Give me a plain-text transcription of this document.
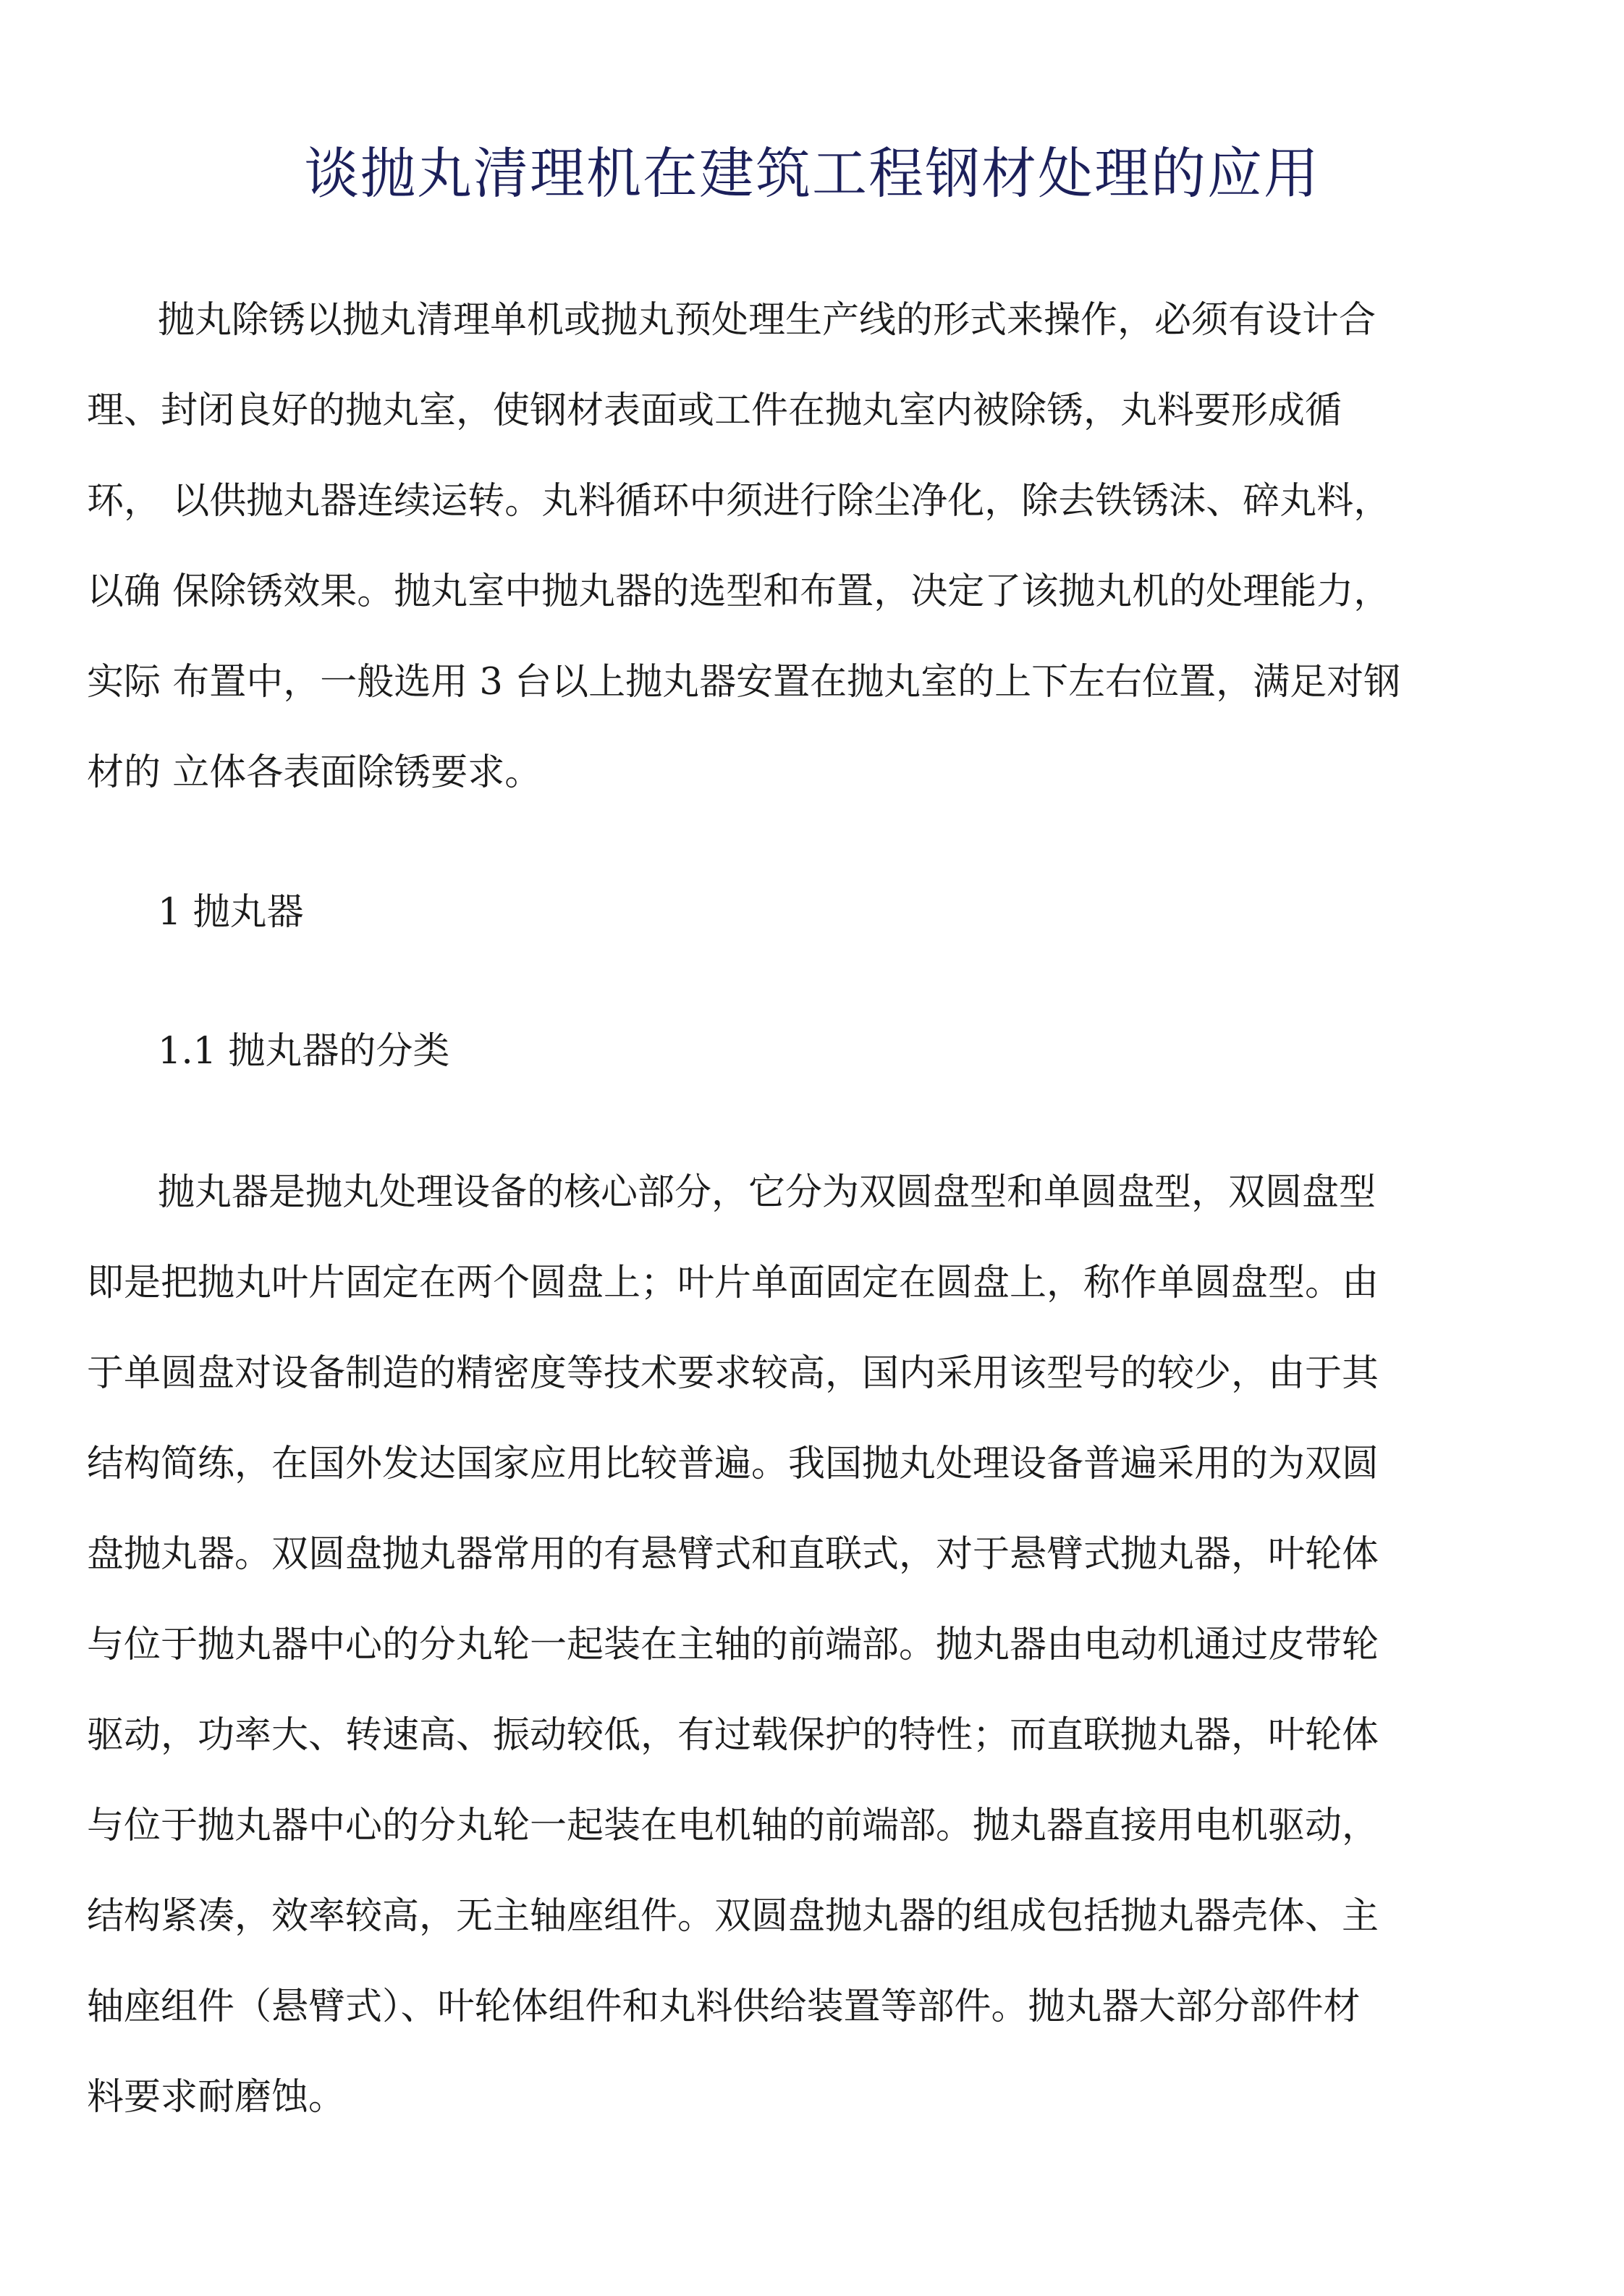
谈抛丸清理机在建筑工程钢材处理的应用

抛丸除锈以抛丸清理单机或抛丸预处理生产线的形式来操作，必须有设计合

理、封闭良好的抛丸室，使钢材表面或工件在抛丸室内被除锈，丸料要形成循

环， 以供抛丸器连续运转。丸料循环中须进行除尘净化，除去铁锈沫、碎丸料，

以确 保除锈效果。抛丸室中抛丸器的选型和布置，决定了该抛丸机的处理能力，

实际 布置中，一般选用 3 台以上抛丸器安置在抛丸室的上下左右位置，满足对钢

材的 立体各表面除锈要求。

1 抛丸器

1.1 抛丸器的分类

抛丸器是抛丸处理设备的核心部分，它分为双圆盘型和单圆盘型，双圆盘型

即是把抛丸叶片固定在两个圆盘上；叶片单面固定在圆盘上，称作单圆盘型。由

于单圆盘对设备制造的精密度等技术要求较高，国内采用该型号的较少，由于其

结构简练，在国外发达国家应用比较普遍。我国抛丸处理设备普遍采用的为双圆

盘抛丸器。双圆盘抛丸器常用的有悬臂式和直联式，对于悬臂式抛丸器，叶轮体

与位于抛丸器中心的分丸轮一起装在主轴的前端部。抛丸器由电动机通过皮带轮

驱动，功率大、转速高、振动较低，有过载保护的特性；而直联抛丸器，叶轮体

与位于抛丸器中心的分丸轮一起装在电机轴的前端部。抛丸器直接用电机驱动，

结构紧凑，效率较高，无主轴座组件。双圆盘抛丸器的组成包括抛丸器壳体、主

轴座组件（悬臂式）、叶轮体组件和丸料供给装置等部件。抛丸器大部分部件材

料要求耐磨蚀。
